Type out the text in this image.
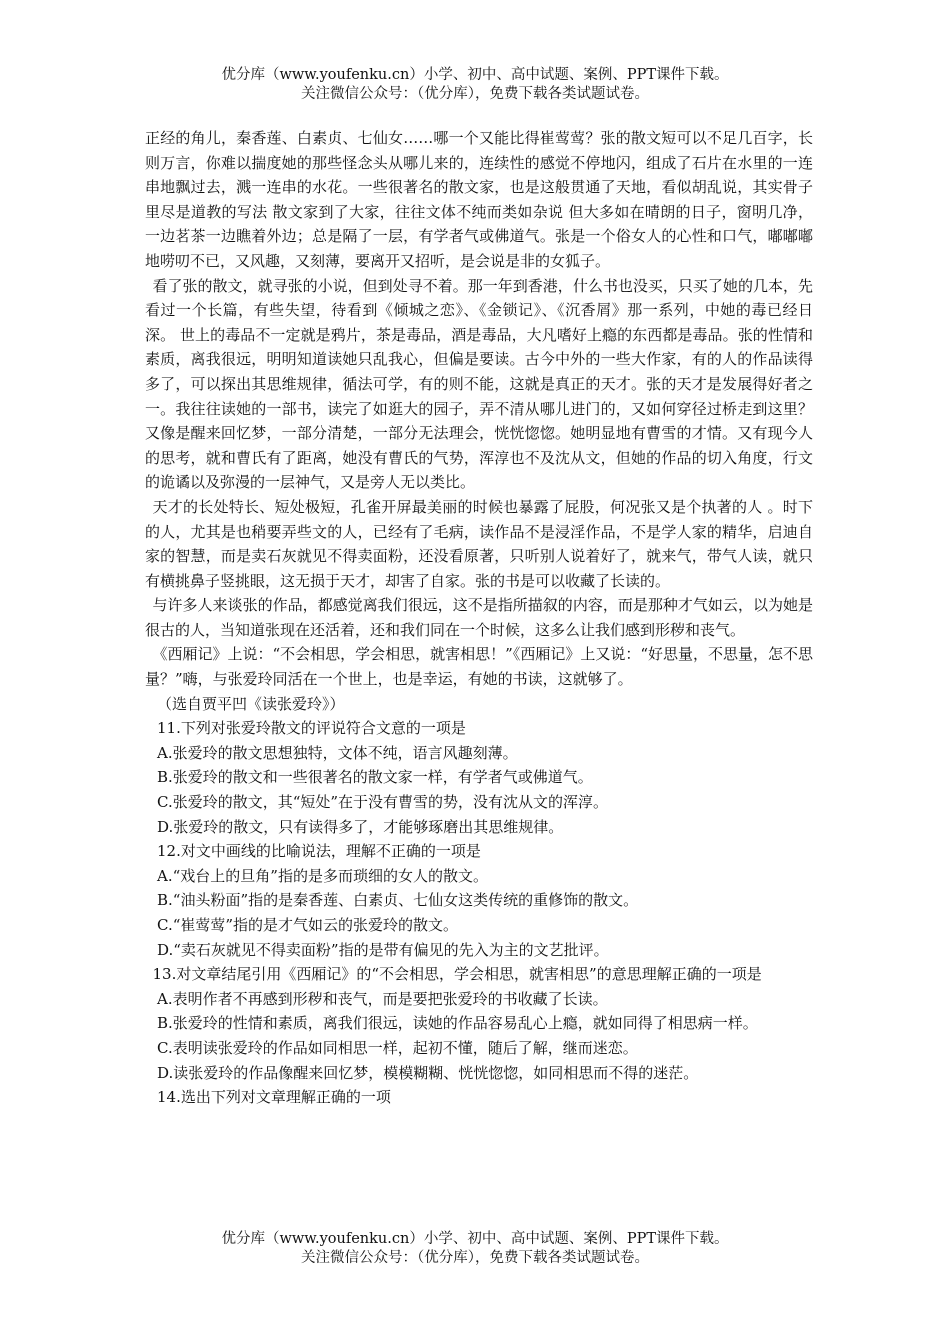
优分库（www.youfenku.cn）小学、初中、高中试题、案例、PPT课件下载。
关注微信公众号：（优分库），免费下载各类试题试卷。

正经的角儿，秦香莲、白素贞、七仙女……哪一个又能比得崔莺莺？张的散文短可以不足几百字，长则万言，你难以揣度她的那些怪念头从哪儿来的，连续性的感觉不停地闪，组成了石片在水里的一连串地飘过去，溅一连串的水花。一些很著名的散文家，也是这般贯通了天地，看似胡乱说，其实骨子里尽是道教的写法 散文家到了大家，往往文体不纯而类如杂说 但大多如在晴朗的日子，窗明几净，一边茗茶一边瞧着外边；总是隔了一层，有学者气或佛道气。张是一个俗女人的心性和口气，嘟嘟嘟地唠叨不已，又风趣，又刻薄，要离开又招听，是会说是非的女狐子。

看了张的散文，就寻张的小说，但到处寻不着。那一年到香港，什么书也没买，只买了她的几本，先看过一个长篇，有些失望，待看到《倾城之恋》、《金锁记》、《沉香屑》那一系列，中她的毒已经日深。 世上的毒品不一定就是鸦片，茶是毒品，酒是毒品，大凡嗜好上瘾的东西都是毒品。张的性情和素质，离我很远，明明知道读她只乱我心，但偏是要读。古今中外的一些大作家，有的人的作品读得多了，可以探出其思维规律，循法可学，有的则不能，这就是真正的天才。张的天才是发展得好者之一。我往往读她的一部书，读完了如逛大的园子，弄不清从哪儿进门的，又如何穿径过桥走到这里？又像是醒来回忆梦，一部分清楚，一部分无法理会，恍恍惚惚。她明显地有曹雪的才情。又有现今人的思考，就和曹氏有了距离，她没有曹氏的气势，浑淳也不及沈从文，但她的作品的切入角度，行文的诡谲以及弥漫的一层神气，又是旁人无以类比。

天才的长处特长、短处极短，孔雀开屏最美丽的时候也暴露了屁股，何况张又是个执著的人 。时下的人，尤其是也稍要弄些文的人，已经有了毛病，读作品不是浸淫作品，不是学人家的精华，启迪自家的智慧，而是卖石灰就见不得卖面粉，还没看原著，只听别人说着好了，就来气，带气人读，就只有横挑鼻子竖挑眼，这无损于天才，却害了自家。张的书是可以收藏了长读的。

与许多人来谈张的作品，都感觉离我们很远，这不是指所描叙的内容，而是那种才气如云，以为她是很古的人，当知道张现在还活着，还和我们同在一个时候，这多么让我们感到形秽和丧气。

《西厢记》上说：“不会相思，学会相思，就害相思！”《西厢记》上又说：“好思量，不思量，怎不思量？”嗨，与张爱玲同活在一个世上，也是幸运，有她的书读，这就够了。

（选自贾平凹《读张爱玲》）

11.下列对张爱玲散文的评说符合文意的一项是

A.张爱玲的散文思想独特，文体不纯，语言风趣刻薄。

B.张爱玲的散文和一些很著名的散文家一样，有学者气或佛道气。

C.张爱玲的散文，其“短处”在于没有曹雪的势，没有沈从文的浑淳。

D.张爱玲的散文，只有读得多了，才能够琢磨出其思维规律。

12.对文中画线的比喻说法，理解不正确的一项是

A.“戏台上的旦角”指的是多而琐细的女人的散文。

B.“油头粉面”指的是秦香莲、白素贞、七仙女这类传统的重修饰的散文。

C.“崔莺莺”指的是才气如云的张爱玲的散文。

D.“卖石灰就见不得卖面粉”指的是带有偏见的先入为主的文艺批评。

13.对文章结尾引用《西厢记》的“不会相思，学会相思，就害相思”的意思理解正确的一项是

A.表明作者不再感到形秽和丧气，而是要把张爱玲的书收藏了长读。

B.张爱玲的性情和素质，离我们很远，读她的作品容易乱心上瘾，就如同得了相思病一样。

C.表明读张爱玲的作品如同相思一样，起初不懂，随后了解，继而迷恋。

D.读张爱玲的作品像醒来回忆梦，模模糊糊、恍恍惚惚，如同相思而不得的迷茫。

14.选出下列对文章理解正确的一项

优分库（www.youfenku.cn）小学、初中、高中试题、案例、PPT课件下载。
关注微信公众号：（优分库），免费下载各类试题试卷。
